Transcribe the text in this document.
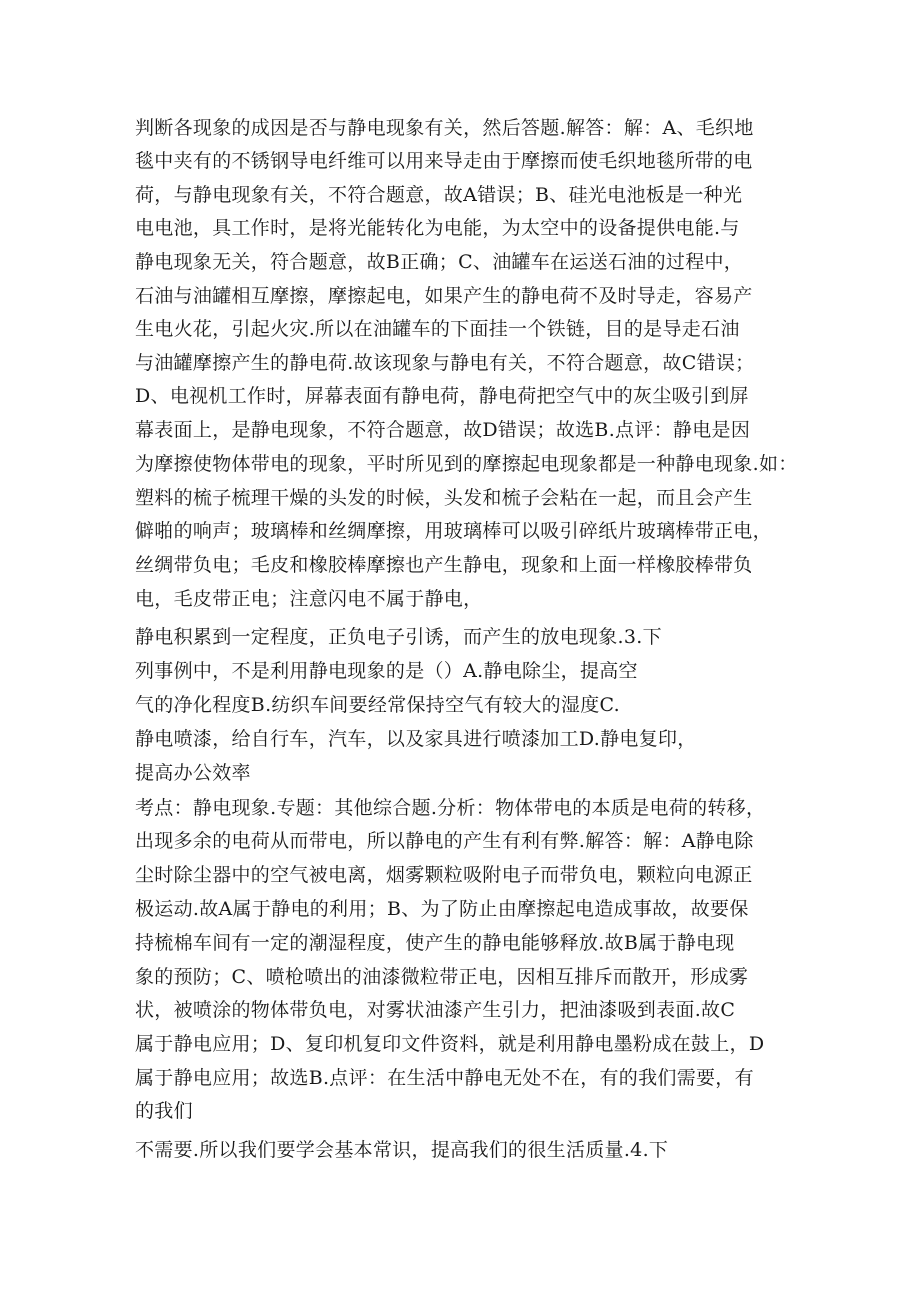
判断各现象的成因是否与静电现象有关，然后答题.解答：解：A、毛织地
毯中夹有的不锈钢导电纤维可以用来导走由于摩擦而使毛织地毯所带的电
荷，与静电现象有关，不符合题意，故A错误；B、硅光电池板是一种光
电电池，具工作时，是将光能转化为电能，为太空中的设备提供电能.与
静电现象无关，符合题意，故B正确；C、油罐车在运送石油的过程中，
石油与油罐相互摩擦，摩擦起电，如果产生的静电荷不及时导走，容易产
生电火花，引起火灾.所以在油罐车的下面挂一个铁链，目的是导走石油
与油罐摩擦产生的静电荷.故该现象与静电有关，不符合题意，故C错误；
D、电视机工作时，屏幕表面有静电荷，静电荷把空气中的灰尘吸引到屏
幕表面上，是静电现象，不符合题意，故D错误；故选B.点评：静电是因
为摩擦使物体带电的现象，平时所见到的摩擦起电现象都是一种静电现象.如：
塑料的梳子梳理干燥的头发的时候，头发和梳子会粘在一起，而且会产生
僻啪的响声；玻璃棒和丝绸摩擦，用玻璃棒可以吸引碎纸片玻璃棒带正电，
丝绸带负电；毛皮和橡胶棒摩擦也产生静电，现象和上面一样橡胶棒带负
电，毛皮带正电；注意闪电不属于静电，
静电积累到一定程度，正负电子引诱，而产生的放电现象.3.下
列事例中，不是利用静电现象的是（）A.静电除尘，提高空
气的净化程度B.纺织车间要经常保持空气有较大的湿度C.
静电喷漆，给自行车，汽车，以及家具进行喷漆加工D.静电复印，
提高办公效率
考点：静电现象.专题：其他综合题.分析：物体带电的本质是电荷的转移，
出现多余的电荷从而带电，所以静电的产生有利有弊.解答：解：A静电除
尘时除尘器中的空气被电离，烟雾颗粒吸附电子而带负电，颗粒向电源正
极运动.故A属于静电的利用；B、为了防止由摩擦起电造成事故，故要保
持梳棉车间有一定的潮湿程度，使产生的静电能够释放.故B属于静电现
象的预防；C、喷枪喷出的油漆微粒带正电，因相互排斥而散开，形成雾
状，被喷涂的物体带负电，对雾状油漆产生引力，把油漆吸到表面.故C
属于静电应用；D、复印机复印文件资料，就是利用静电墨粉成在鼓上，D
属于静电应用；故选B.点评：在生活中静电无处不在，有的我们需要，有
的我们
不需要.所以我们要学会基本常识，提高我们的很生活质量.4.下
